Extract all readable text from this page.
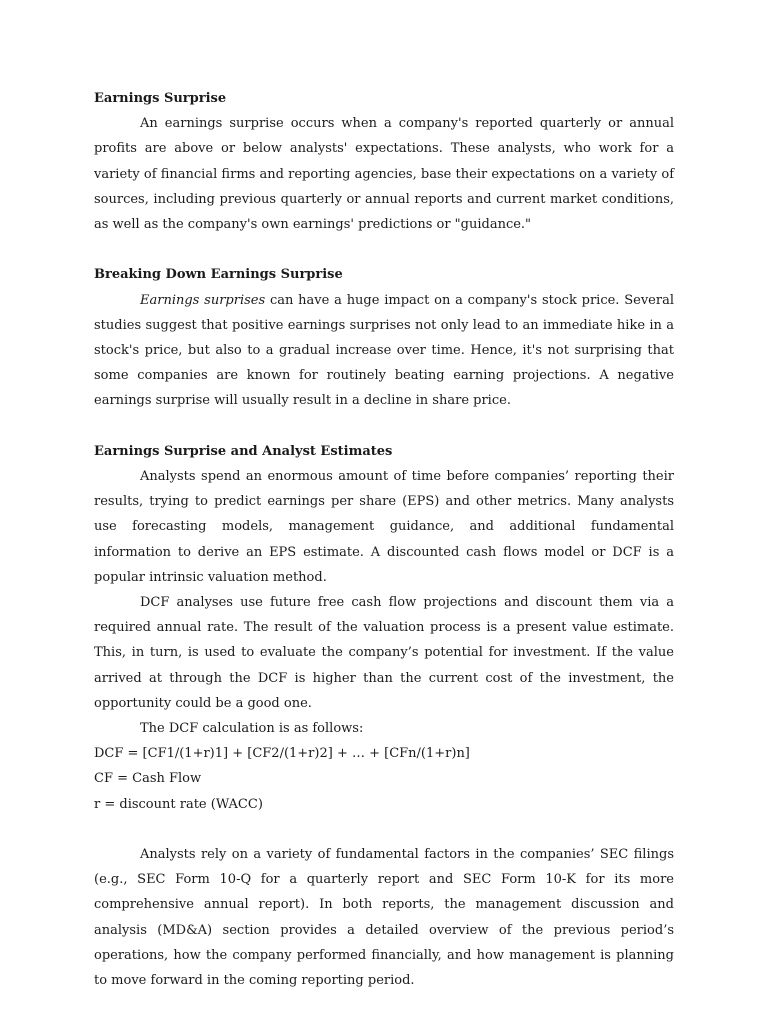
Earnings Surprise

An earnings surprise occurs when a company's reported quarterly or annual profits are above or below analysts' expectations. These analysts, who work for a variety of financial firms and reporting agencies, base their expectations on a variety of sources, including previous quarterly or annual reports and current market conditions, as well as the company's own earnings' predictions or "guidance."

Breaking Down Earnings Surprise

Earnings surprises can have a huge impact on a company's stock price. Several studies suggest that positive earnings surprises not only lead to an immediate hike in a stock's price, but also to a gradual increase over time. Hence, it's not surprising that some companies are known for routinely beating earning projections. A negative earnings surprise will usually result in a decline in share price.

Earnings Surprise and Analyst Estimates

Analysts spend an enormous amount of time before companies’ reporting their results, trying to predict earnings per share (EPS) and other metrics. Many analysts use forecasting models, management guidance, and additional fundamental information to derive an EPS estimate. A discounted cash flows model or DCF is a popular intrinsic valuation method.

DCF analyses use future free cash flow projections and discount them via a required annual rate. The result of the valuation process is a present value estimate. This, in turn, is used to evaluate the company’s potential for investment. If the value arrived at through the DCF is higher than the current cost of the investment, the opportunity could be a good one.

The DCF calculation is as follows:

DCF = [CF1/(1+r)1] + [CF2/(1+r)2] + … + [CFn/(1+r)n]

CF = Cash Flow

r = discount rate (WACC)

Analysts rely on a variety of fundamental factors in the companies’ SEC filings (e.g., SEC Form 10-Q for a quarterly report and SEC Form 10-K for its more comprehensive annual report). In both reports, the management discussion and analysis (MD&A) section provides a detailed overview of the previous period’s operations, how the company performed financially, and how management is planning to move forward in the coming reporting period.
